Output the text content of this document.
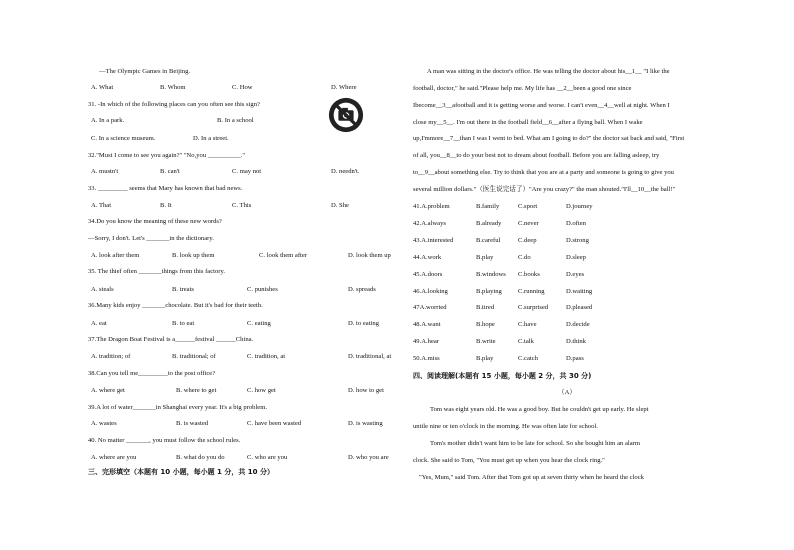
—The Olympic Games in Beijing.
A. What	B. Whom	C. How	D. Where
31. -In which of the following places can you often see this sign?
A. In a park.	B. In a school
C. In a science museum.	D. In a street.
32."Must I come to see you again?" "No,you __________."
A. mustn't	B. can't	C. may not	D. needn't.
33. _________ seems that Mary has known that bad news.
A. That	B. It	C. This	D. She
34.Do you know the meaning of these new words?
—Sorry, I don't. Let's _______in the dictionary.
A. look after them	B. look up them	C. look them after	D. look them up
35. The thief often _______things from this factory.
A. steals	B. treats	C. punishes	D. spreads
36.Many kids enjoy _______chocolate. But it's bad for their teeth.
A. eat	B. to eat	C. eating	D. to eating
37.The Dragon Boat Festival is a______festival ______China.
A. tradition; of	B. traditional; of	C. tradition, at	D. traditional, at
38.Can you tell me_________to the post office?
A. where get	B. where to get	C. how get	D. how to get
39.A lot of water_______in Shanghai every year. It's a big problem.
A. wastes	B. is wasted	C. have been wasted	D. is wasting
40. No matter _______, you must follow the school rules.
A. where are you	B. what do you do	C. who are you	D. who you are
三、完形填空（本题有 10 小题，每小题 1 分，共 10 分）
A man was sitting in the doctor's office. He was telling the doctor about his__1__ "I like the
football, doctor," he said."Please help me. My life has __2__been a good one since
Ibecome__3__afootball and it is getting worse and worse. I can't even__4__well at night. When I
close my__5__. I'm out there in the football field__6__after a flying ball. When I wake
up,I'mmore__7__than I was I went to bed. What am I going to do?" the doctor sat back and said, "First
of all, you__8__to do your best not to dream about football. Before you are falling asleep, try
to__9__about something else. Try to think that you are at a party and someone is going to give you
several million dollars."（医生说完话了）"Are you crazy?" the man shouted."I'll__10__the ball!"
41.A.problem	B.family	C.sport	D.journey
42.A.always	B.already	C.never	D.often
43.A.interested	B.careful	C.deep	D.strong
44.A.work	B.play	C.do	D.sleep
45.A.doors	B.windows C.books	D.eyes
46.A.looking	B.playing C.running	D.waiting
47A.worried	B.tired	C.surprised	D.pleased
48.A.want	B.hope	C.have	D.decide
49.A.hear	B.write	C.talk	D.think
50.A.miss	B.play	C.catch	D.pass
四、阅读理解(本题有 15 小题，每小题 2 分，共 30 分)
（A）
Tom was eight years old. He was a good boy. But he couldn't get up early. He slept
untile nine or ten o'clock in the morning. He was often late for school.
Tom's mother didn't want him to be late for school. So she bought him an alarm
clock. She said to Tom, "You must get up when you hear the clock ring."
"Yes, Mum," said Tom. After that Tom got up at seven thirty when he heard the clock
